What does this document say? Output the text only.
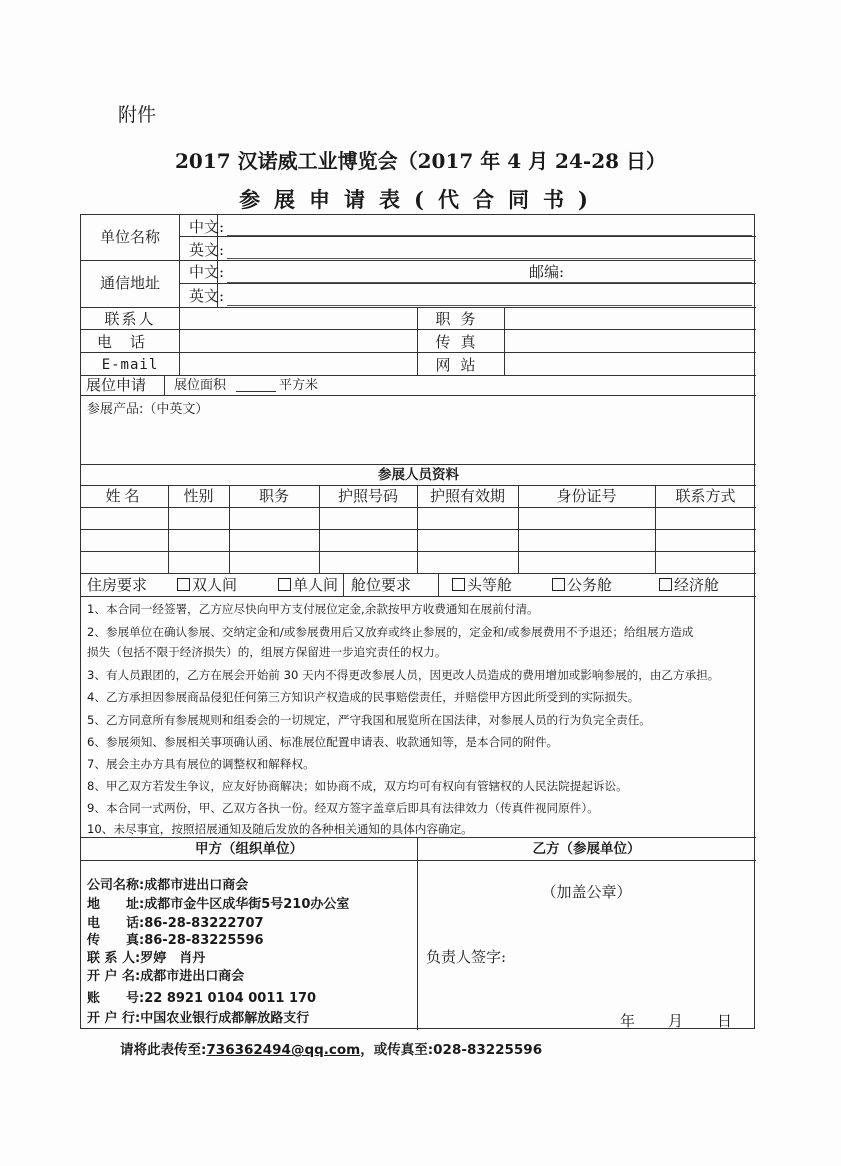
附件
2017 汉诺威工业博览会（2017 年 4 月 24-28 日）
参展申请表(代合同书)
单位名称
中文:
英文:
通信地址
中文:	邮编:
英文:
联系人	职务
电话	传真
E-mail	网站
展位申请 展位面积	平方米
参展产品:（中英文）
参展人员资料
姓名	性别	职务	护照号码	护照有效期	身份证号	联系方式
住房要求	双人间	单人间 舱位要求	头等舱	公务舱	经济舱
1、本合同一经签署，乙方应尽快向甲方支付展位定金,余款按甲方收费通知在展前付清。
2、参展单位在确认参展、交纳定金和/或参展费用后又放弃或终止参展的，定金和/或参展费用不予退还；给组展方造成
损失（包括不限于经济损失）的，组展方保留进一步追究责任的权力。
3、有人员跟团的，乙方在展会开始前 30 天内不得更改参展人员，因更改人员造成的费用增加或影响参展的，由乙方承担。
4、乙方承担因参展商品侵犯任何第三方知识产权造成的民事赔偿责任，并赔偿甲方因此所受到的实际损失。
5、乙方同意所有参展规则和组委会的一切规定，严守我国和展览所在国法律，对参展人员的行为负完全责任。
6、参展须知、参展相关事项确认函、标准展位配置申请表、收款通知等，是本合同的附件。
7、展会主办方具有展位的调整权和解释权。
8、甲乙双方若发生争议，应友好协商解决；如协商不成，双方均可有权向有管辖权的人民法院提起诉讼。
9、本合同一式两份，甲、乙双方各执一份。经双方签字盖章后即具有法律效力（传真件视同原件）。
10、未尽事宜，按照招展通知及随后发放的各种相关通知的具体内容确定。
甲方（组织单位）	乙方（参展单位）
公司名称:成都市进出口商会
地　　址:成都市金牛区成华街5号210办公室
电　　话:86-28-83222707
传　　真:86-28-83225596
联 系 人:罗婷　肖丹
开 户 名:成都市进出口商会
账　　号:22 8921 0104 0011 170
开 户 行:中国农业银行成都解放路支行
（加盖公章）
负责人签字:
年 月 日
请将此表传至:736362494@qq.com，或传真至:028-83225596
